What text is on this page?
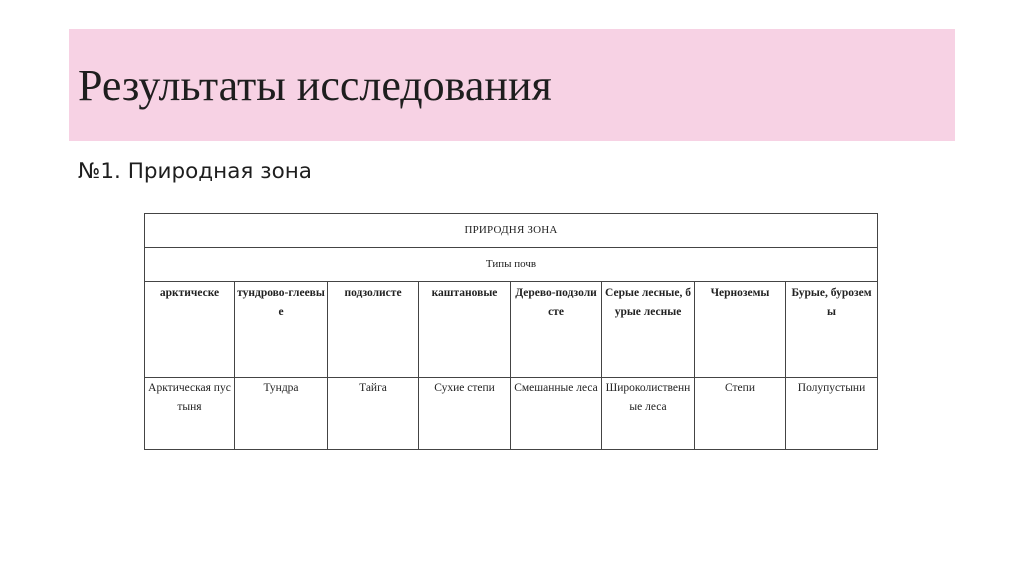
Результаты исследования
№1. Природная зона
ПРИРОДНЯ ЗОНА							
Типы почв							
арктическе	тундрово-глеевые	подзолисте	каштановые	Дерево-подзолисте	Серые лесные, бурые лесные	Черноземы	Бурые, буроземы
Арктическая пустыня	Тундра	Тайга	Сухие степи	Смешанные леса	Широколиственные леса	Степи	Полупустыни
